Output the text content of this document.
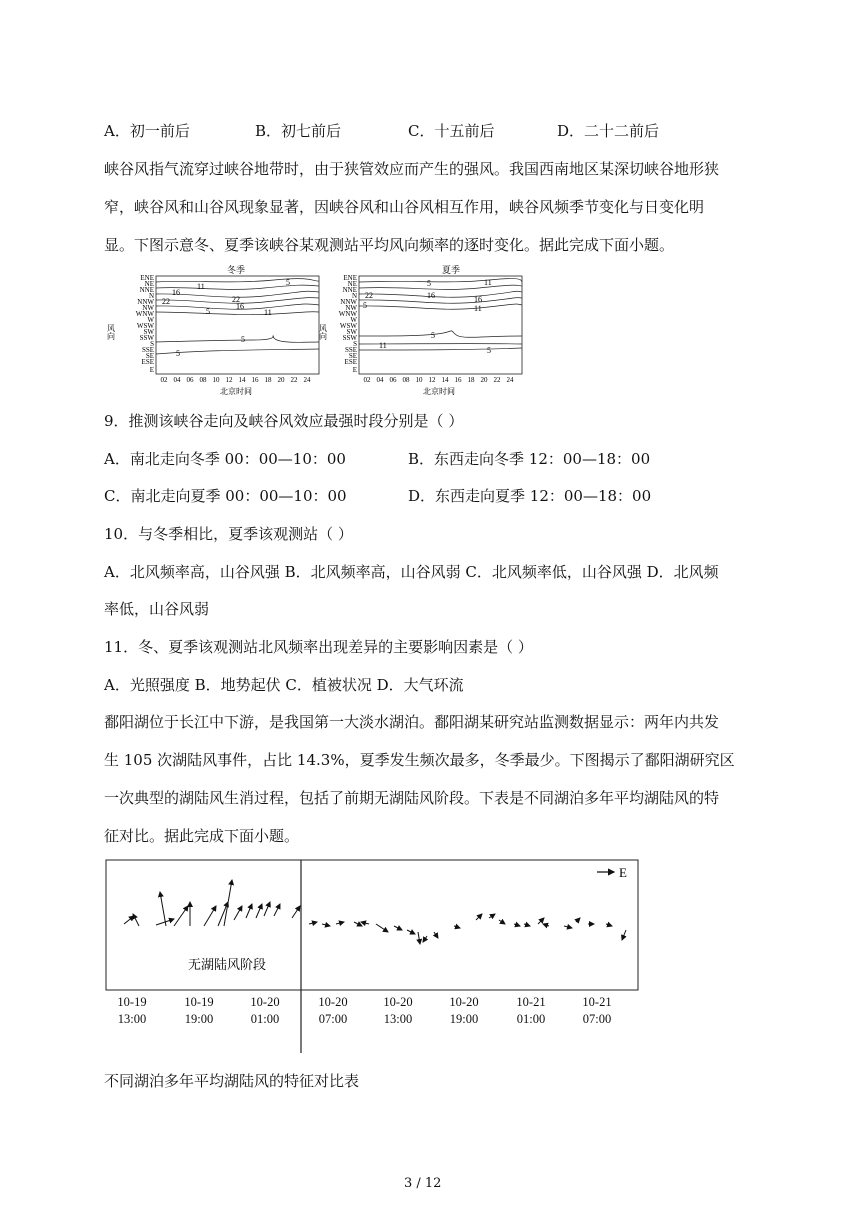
A．初一前后	B．初七前后	C．十五前后	D．二十二前后
峡谷风指气流穿过峡谷地带时，由于狭管效应而产生的强风。我国西南地区某深切峡谷地形狭
窄，峡谷风和山谷风现象显著，因峡谷风和山谷风相互作用，峡谷风频季节变化与日变化明
显。下图示意冬、夏季该峡谷某观测站平均风向频率的逐时变化。据此完成下面小题。
冬季
11	5
16
22	22
16
5	11
5
5
ENE
NE
NNE
N
NNW
NW
WNW
W
WSW
SW
SSW
S
SSE
SE
ESE
E
风向
02 04 06 08 10 12 14 16 18 20 22 24
北京时间
夏季
5	11
22	16	16
11
5
5
11
5
ENE
NE
NNE
N
NNW
NW
WNW
W
WSW
SW
SSW
S
SSE
SE
ESE
E
风向
02 04 06 08 10 12 14 16 18 20 22 24
北京时间
9．推测该峡谷走向及峡谷风效应最强时段分别是（ ）
A．南北走向冬季 00：00—10：00	B．东西走向冬季 12：00—18：00
C．南北走向夏季 00：00—10：00	D．东西走向夏季 12：00—18：00
10．与冬季相比，夏季该观测站（ ）
A．北风频率高，山谷风强 B．北风频率高，山谷风弱 C．北风频率低，山谷风强 D．北风频
率低，山谷风弱
11．冬、夏季该观测站北风频率出现差异的主要影响因素是（ ）
A．光照强度 B．地势起伏 C．植被状况 D．大气环流
鄱阳湖位于长江中下游，是我国第一大淡水湖泊。鄱阳湖某研究站监测数据显示：两年内共发
生 105 次湖陆风事件，占比 14.3%，夏季发生频次最多，冬季最少。下图揭示了鄱阳湖研究区
一次典型的湖陆风生消过程，包括了前期无湖陆风阶段。下表是不同湖泊多年平均湖陆风的特
征对比。据此完成下面小题。
E
无湖陆风阶段
10-19
13:00
10-19
19:00
10-20
01:00
10-20
07:00
10-20
13:00
10-20
19:00
10-21
01:00
10-21
07:00
不同湖泊多年平均湖陆风的特征对比表
3 / 12
